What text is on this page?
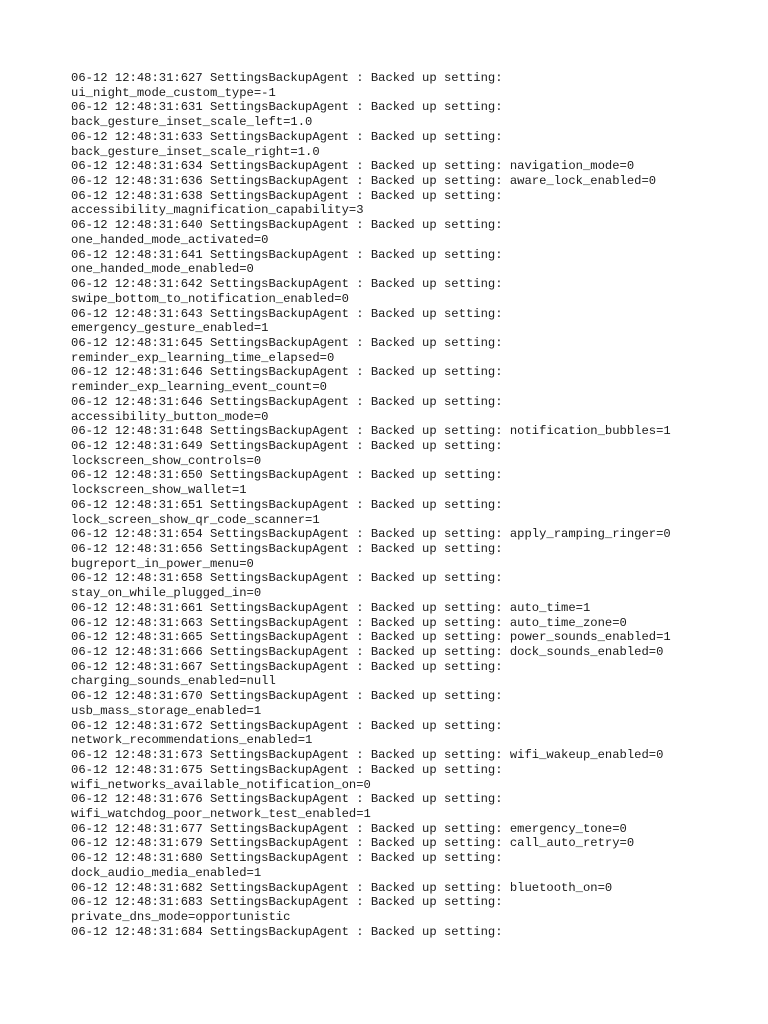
06-12 12:48:31:627 SettingsBackupAgent : Backed up setting:
ui_night_mode_custom_type=-1
06-12 12:48:31:631 SettingsBackupAgent : Backed up setting:
back_gesture_inset_scale_left=1.0
06-12 12:48:31:633 SettingsBackupAgent : Backed up setting:
back_gesture_inset_scale_right=1.0
06-12 12:48:31:634 SettingsBackupAgent : Backed up setting: navigation_mode=0
06-12 12:48:31:636 SettingsBackupAgent : Backed up setting: aware_lock_enabled=0
06-12 12:48:31:638 SettingsBackupAgent : Backed up setting:
accessibility_magnification_capability=3
06-12 12:48:31:640 SettingsBackupAgent : Backed up setting:
one_handed_mode_activated=0
06-12 12:48:31:641 SettingsBackupAgent : Backed up setting:
one_handed_mode_enabled=0
06-12 12:48:31:642 SettingsBackupAgent : Backed up setting:
swipe_bottom_to_notification_enabled=0
06-12 12:48:31:643 SettingsBackupAgent : Backed up setting:
emergency_gesture_enabled=1
06-12 12:48:31:645 SettingsBackupAgent : Backed up setting:
reminder_exp_learning_time_elapsed=0
06-12 12:48:31:646 SettingsBackupAgent : Backed up setting:
reminder_exp_learning_event_count=0
06-12 12:48:31:646 SettingsBackupAgent : Backed up setting:
accessibility_button_mode=0
06-12 12:48:31:648 SettingsBackupAgent : Backed up setting: notification_bubbles=1
06-12 12:48:31:649 SettingsBackupAgent : Backed up setting:
lockscreen_show_controls=0
06-12 12:48:31:650 SettingsBackupAgent : Backed up setting:
lockscreen_show_wallet=1
06-12 12:48:31:651 SettingsBackupAgent : Backed up setting:
lock_screen_show_qr_code_scanner=1
06-12 12:48:31:654 SettingsBackupAgent : Backed up setting: apply_ramping_ringer=0
06-12 12:48:31:656 SettingsBackupAgent : Backed up setting:
bugreport_in_power_menu=0
06-12 12:48:31:658 SettingsBackupAgent : Backed up setting:
stay_on_while_plugged_in=0
06-12 12:48:31:661 SettingsBackupAgent : Backed up setting: auto_time=1
06-12 12:48:31:663 SettingsBackupAgent : Backed up setting: auto_time_zone=0
06-12 12:48:31:665 SettingsBackupAgent : Backed up setting: power_sounds_enabled=1
06-12 12:48:31:666 SettingsBackupAgent : Backed up setting: dock_sounds_enabled=0
06-12 12:48:31:667 SettingsBackupAgent : Backed up setting:
charging_sounds_enabled=null
06-12 12:48:31:670 SettingsBackupAgent : Backed up setting:
usb_mass_storage_enabled=1
06-12 12:48:31:672 SettingsBackupAgent : Backed up setting:
network_recommendations_enabled=1
06-12 12:48:31:673 SettingsBackupAgent : Backed up setting: wifi_wakeup_enabled=0
06-12 12:48:31:675 SettingsBackupAgent : Backed up setting:
wifi_networks_available_notification_on=0
06-12 12:48:31:676 SettingsBackupAgent : Backed up setting:
wifi_watchdog_poor_network_test_enabled=1
06-12 12:48:31:677 SettingsBackupAgent : Backed up setting: emergency_tone=0
06-12 12:48:31:679 SettingsBackupAgent : Backed up setting: call_auto_retry=0
06-12 12:48:31:680 SettingsBackupAgent : Backed up setting:
dock_audio_media_enabled=1
06-12 12:48:31:682 SettingsBackupAgent : Backed up setting: bluetooth_on=0
06-12 12:48:31:683 SettingsBackupAgent : Backed up setting:
private_dns_mode=opportunistic
06-12 12:48:31:684 SettingsBackupAgent : Backed up setting:
